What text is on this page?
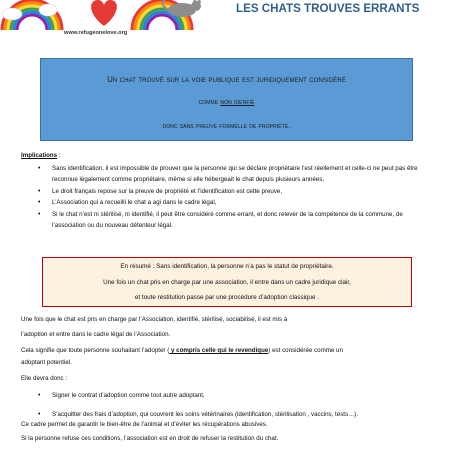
www.refugeonelove.org
LES CHATS TROUVES ERRANTS
Un chat trouvé sur la voie publique est juridiquement considéré
comme non idenfié
donc sans preuve formelle de propriété.
Implications :
• Sans identification, il est impossible de prouver que la personne qui se déclare propriétaire l’est réellement et celle-ci ne peut pas être reconnue légalement comme propriétaire, même si elle hébergeait le chat depuis plusieurs années,
• Le droit français repose sur la preuve de propriété et l’identification est cette preuve,
• L’Association qui a recueilli le chat a agi dans le cadre légal,
• Si le chat n’est ni stérilisé, ni identifié, il peut être considéré comme errant, et donc relever de la compétence de la commune, de l’association ou du nouveau détenteur légal.
En résumé : Sans identification, la personne n’a pas le statut de propriétaire.
Une fois un chat pris en charge par une association, il entre dans un cadre juridique clair,
et toute restitution passe par une procédure d’adoption classique .
Une fois que le chat est pris en charge par l’Association, identifié, stérilisé, sociabilisé, il est mis à
l’adoption et entre dans le cadre légal de l’Association.
Cela signifie que toute personne souhaitant l’adopter ( y compris celle qui le revendique) est considérée comme un
adoptant potentiel.
Elle devra donc :
• Signer le contrat d’adoption comme tout autre adoptant,
• S’acquitter des frais d’adoption, qui couvrent les soins vétérinaires (identification, stérilisation , vaccins, tests…).
Ce cadre permet de garantir le bien-être de l’animal et d’éviter les récupérations abusives.
Si la personne refuse ces conditions, l’association est en droit de refuser la restitution du chat.
